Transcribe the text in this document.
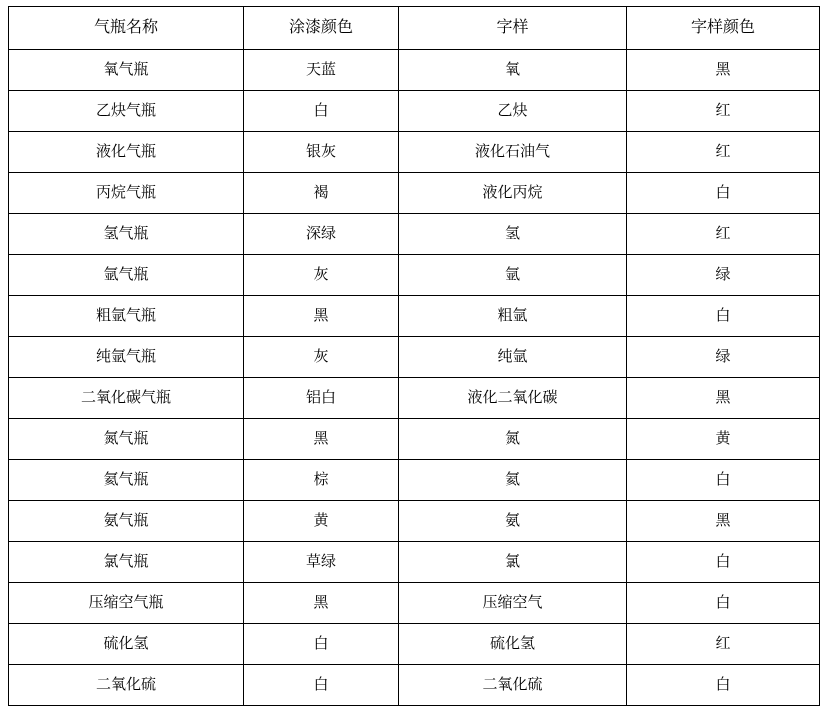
气瓶名称	涂漆颜色	字样	字样颜色
氧气瓶	天蓝	氧	黑
乙炔气瓶	白	乙炔	红
液化气瓶	银灰	液化石油气	红
丙烷气瓶	褐	液化丙烷	白
氢气瓶	深绿	氢	红
氩气瓶	灰	氩	绿
粗氩气瓶	黑	粗氩	白
纯氩气瓶	灰	纯氩	绿
二氧化碳气瓶	铝白	液化二氧化碳	黑
氮气瓶	黑	氮	黄
氦气瓶	棕	氦	白
氨气瓶	黄	氨	黑
氯气瓶	草绿	氯	白
压缩空气瓶	黑	压缩空气	白
硫化氢	白	硫化氢	红
二氧化硫	白	二氧化硫	白
